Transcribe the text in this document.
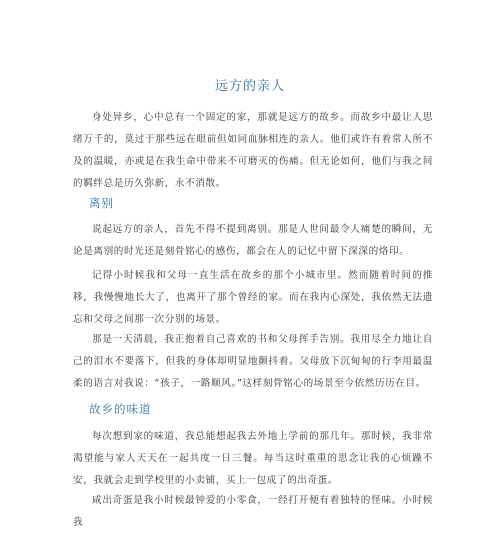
远方的亲人

身处异乡，心中总有一个固定的家，那就是远方的故乡。而故乡中最让人思绪万千的，莫过于那些远在眼前但如同血脉相连的亲人。他们或许有着常人所不及的温暖，亦或是在我生命中带来不可磨灭的伤痛。但无论如何，他们与我之间的羁绊总是历久弥新，永不消散。

离别

说起远方的亲人，首先不得不提到离别。那是人世间最令人痛楚的瞬间，无论是离别的时光还是刻骨铭心的感伤，都会在人的记忆中留下深深的烙印。

记得小时候我和父母一直生活在故乡的那个小城市里。然而随着时间的推移，我慢慢地长大了，也离开了那个曾经的家。而在我内心深处，我依然无法遗忘和父母之间那一次分别的场景。

那是一天清晨，我正抱着自己喜欢的书和父母挥手告别。我用尽全力地让自己的泪水不要落下，但我的身体却明显地颤抖着。父母放下沉甸甸的行李用最温柔的语言对我说：“孩子，一路顺风。”这样刻骨铭心的场景至今依然历历在目。

故乡的味道

每次想到家的味道，我总能想起我去外地上学前的那几年。那时候，我非常渴望能与家人天天在一起共度一日三餐。每当这时重重的思念让我的心烦躁不安，我就会走到学校里的小卖铺，买上一包成了的出奇蛋。

咸出奇蛋是我小时候最钟爱的小零食，一经打开便有着独特的怪味。小时候我
